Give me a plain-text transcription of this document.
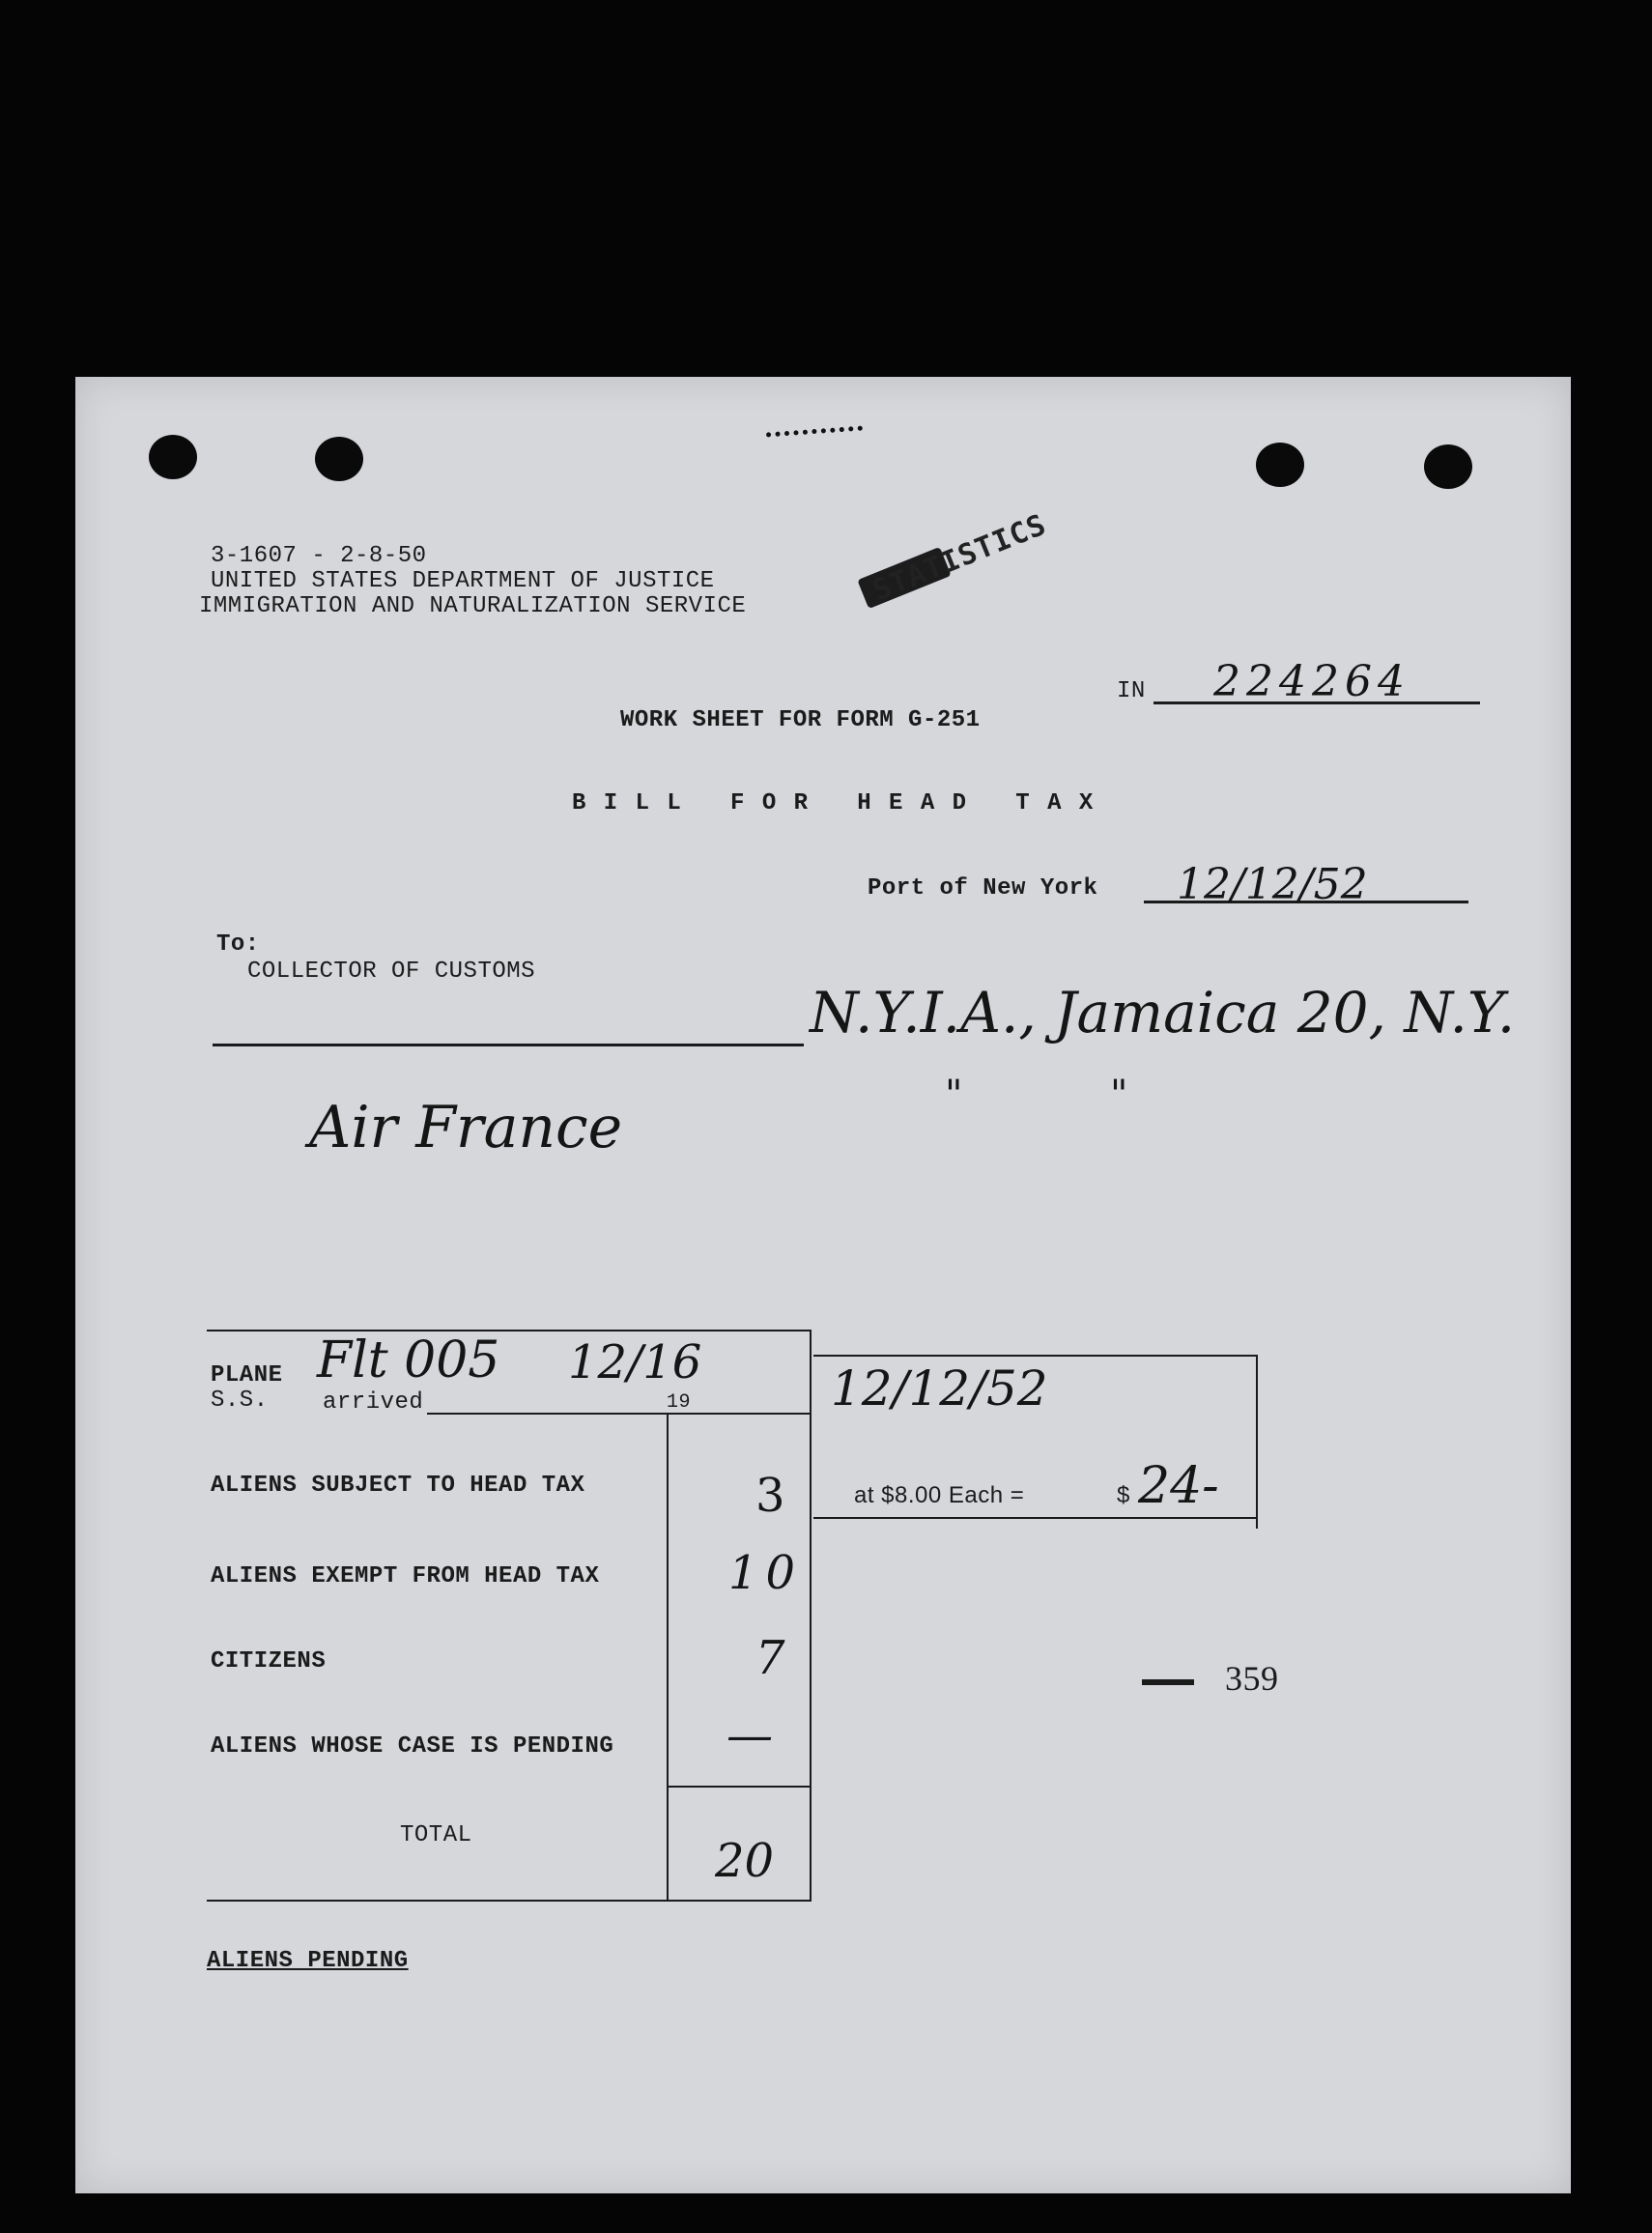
3-1607 - 2-8-50
UNITED STATES DEPARTMENT OF JUSTICE
IMMIGRATION AND NATURALIZATION SERVICE	STATISTICS
IN 224264
WORK SHEET FOR FORM G-251
B I L L   F O R   H E A D   T A X
Port of New York 12/12/52
To:
COLLECTOR OF CUSTOMS
N.Y.I.A., Jamaica 20, N.Y.
"            "
Air France
PLANE
S.S. arrived
Flt 005 12/16
19	12/12/52
ALIENS SUBJECT TO HEAD TAX	3	at $8.00 Each =	$ 24-
ALIENS EXEMPT FROM HEAD TAX	10
CITIZENS	7	359
ALIENS WHOSE CASE IS PENDING —
TOTAL	20
ALIENS PENDING
